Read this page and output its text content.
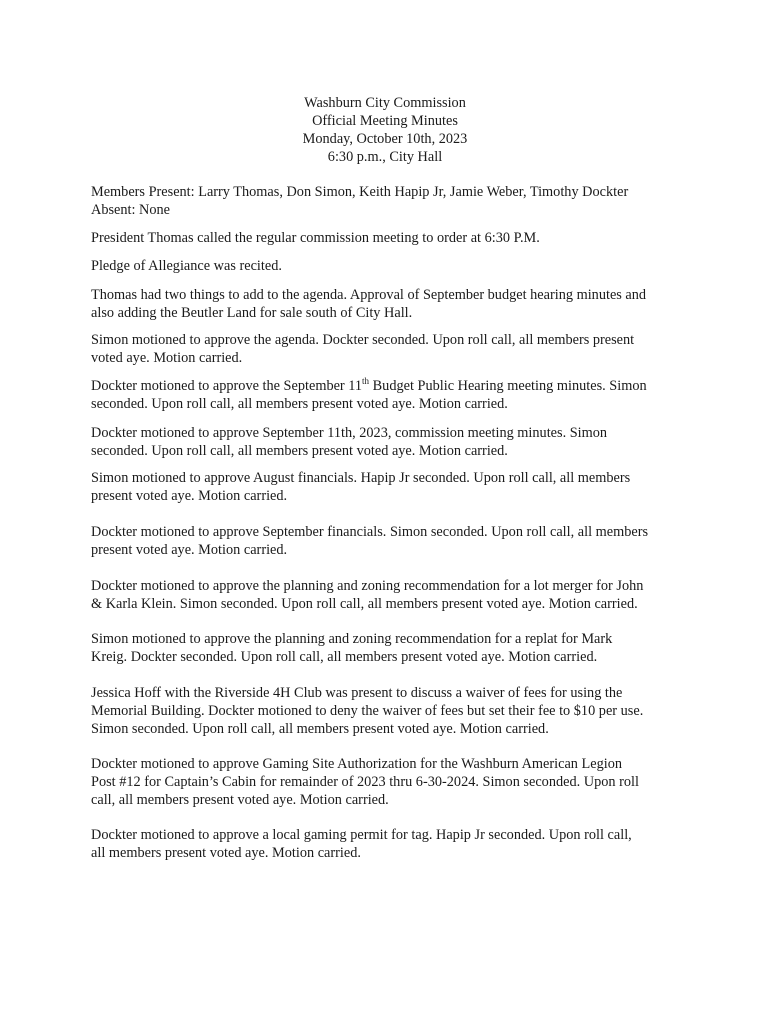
Washburn City Commission
Official Meeting Minutes
Monday, October 10th, 2023
6:30 p.m., City Hall

Members Present: Larry Thomas, Don Simon, Keith Hapip Jr, Jamie Weber, Timothy Dockter
Absent: None

President Thomas called the regular commission meeting to order at 6:30 P.M.

Pledge of Allegiance was recited.

Thomas had two things to add to the agenda. Approval of September budget hearing minutes and
also adding the Beutler Land for sale south of City Hall.

Simon motioned to approve the agenda. Dockter seconded. Upon roll call, all members present
voted aye. Motion carried.

Dockter motioned to approve the September 11th Budget Public Hearing meeting minutes. Simon
seconded. Upon roll call, all members present voted aye. Motion carried.

Dockter motioned to approve September 11th, 2023, commission meeting minutes. Simon
seconded. Upon roll call, all members present voted aye. Motion carried.

Simon motioned to approve August financials. Hapip Jr seconded. Upon roll call, all members
present voted aye. Motion carried.

Dockter motioned to approve September financials. Simon seconded. Upon roll call, all members
present voted aye. Motion carried.

Dockter motioned to approve the planning and zoning recommendation for a lot merger for John
& Karla Klein. Simon seconded. Upon roll call, all members present voted aye. Motion carried.

Simon motioned to approve the planning and zoning recommendation for a replat for Mark
Kreig. Dockter seconded. Upon roll call, all members present voted aye. Motion carried.

Jessica Hoff with the Riverside 4H Club was present to discuss a waiver of fees for using the
Memorial Building. Dockter motioned to deny the waiver of fees but set their fee to $10 per use.
Simon seconded. Upon roll call, all members present voted aye. Motion carried.

Dockter motioned to approve Gaming Site Authorization for the Washburn American Legion
Post #12 for Captain’s Cabin for remainder of 2023 thru 6-30-2024. Simon seconded. Upon roll
call, all members present voted aye. Motion carried.

Dockter motioned to approve a local gaming permit for tag. Hapip Jr seconded. Upon roll call,
all members present voted aye. Motion carried.
